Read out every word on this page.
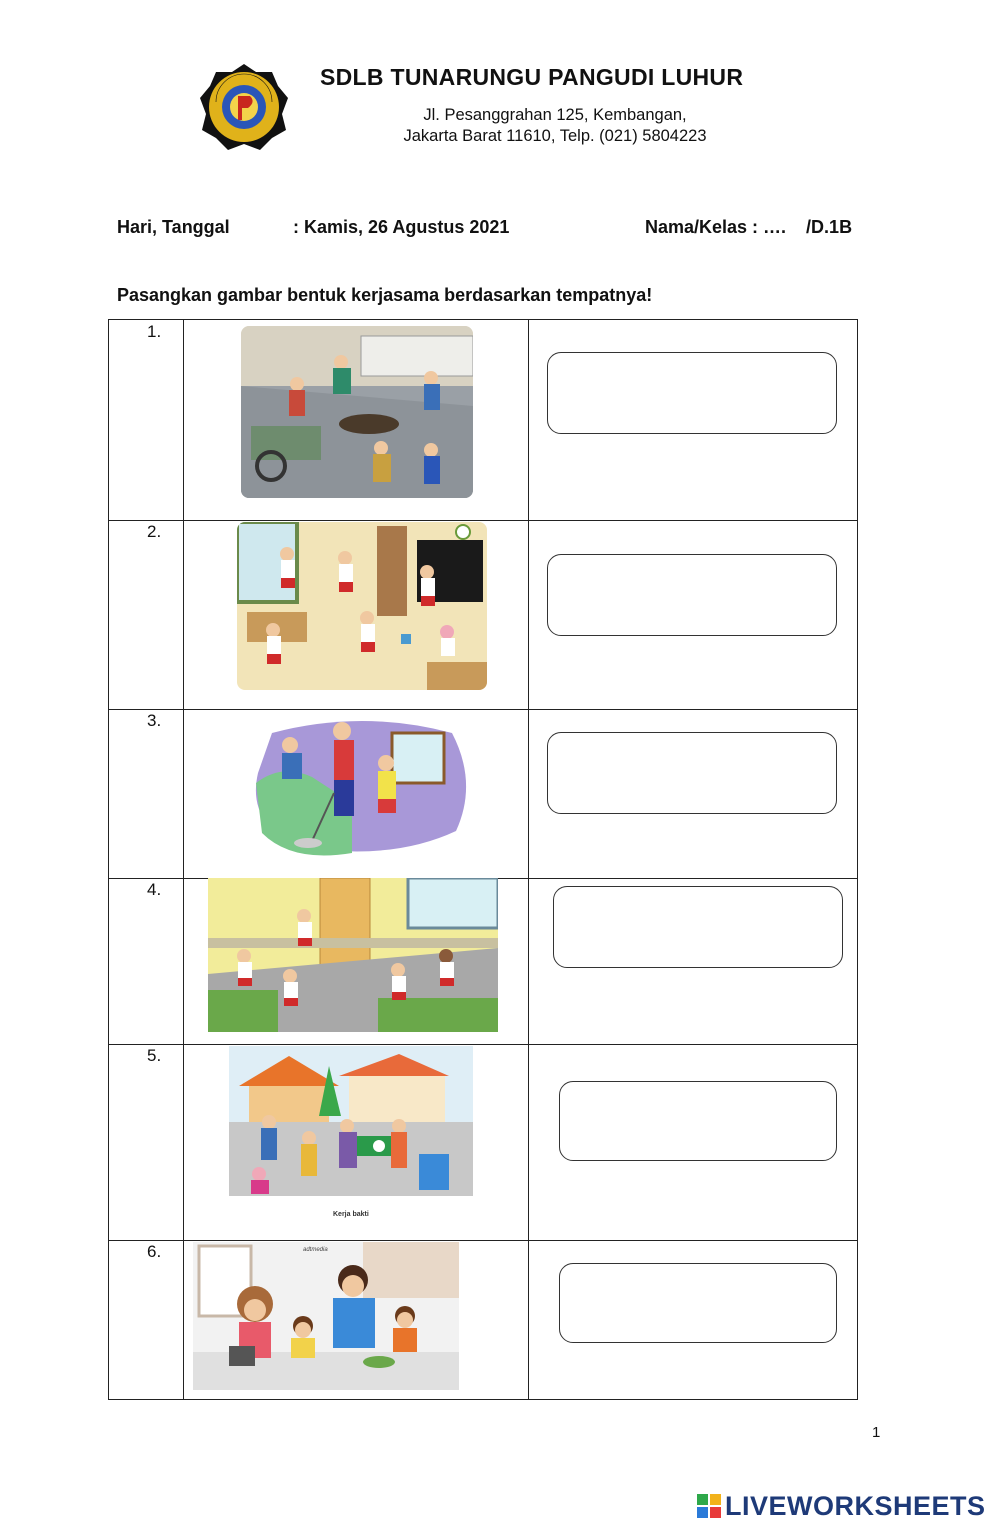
SDLB TUNARUNGU PANGUDI LUHUR
Jl. Pesanggrahan 125, Kembangan,
Jakarta Barat 11610, Telp. (021) 5804223
Hari, Tanggal	: Kamis, 26 Agustus 2021	Nama/Kelas : ….    /D.1B
Pasangkan gambar bentuk kerjasama berdasarkan tempatnya!
1.
2.
3.
4.
5.
Kerja bakti
6.	adtmedia
1
LIVEWORKSHEETS
